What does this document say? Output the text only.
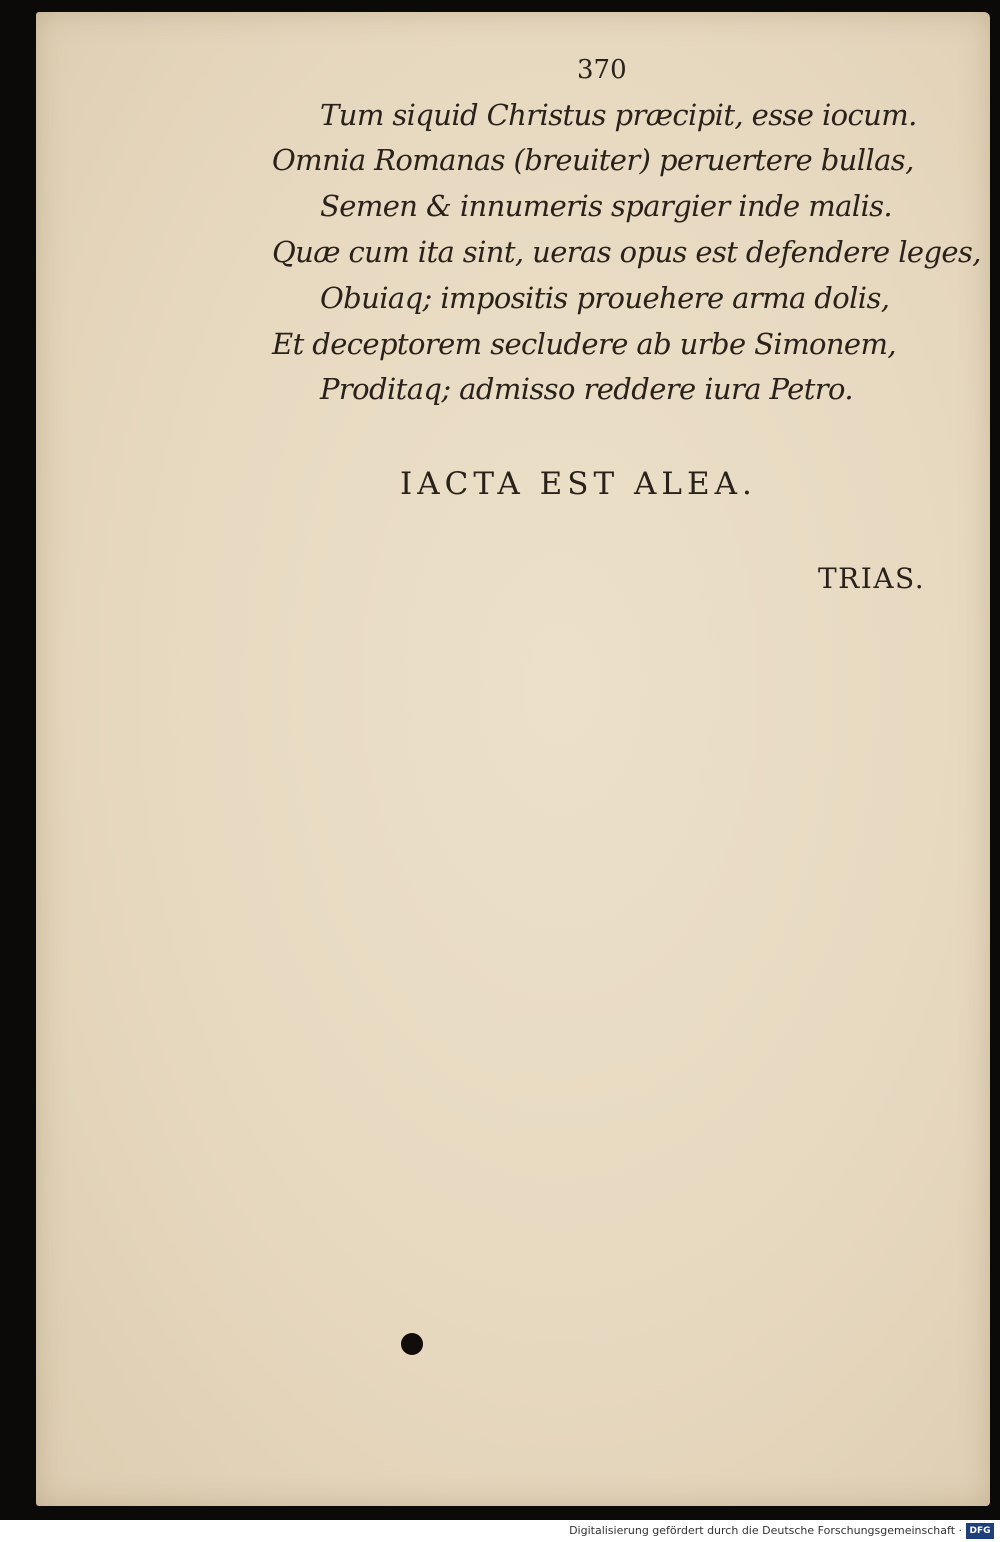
370
Tum siquid Christus præcipit, esse iocum.
Omnia Romanas (breuiter) peruertere bullas,
Semen & innumeris spargier inde malis.
Quæ cum ita sint, ueras opus est defendere leges,
Obuiaq; impositis prouehere arma dolis,
Et deceptorem secludere ab urbe Simonem,
Proditaq; admisso reddere iura Petro.
IACTA EST ALEA.
TRIAS.
Digitalisierung gefördert durch die Deutsche Forschungsgemeinschaft · DFG
